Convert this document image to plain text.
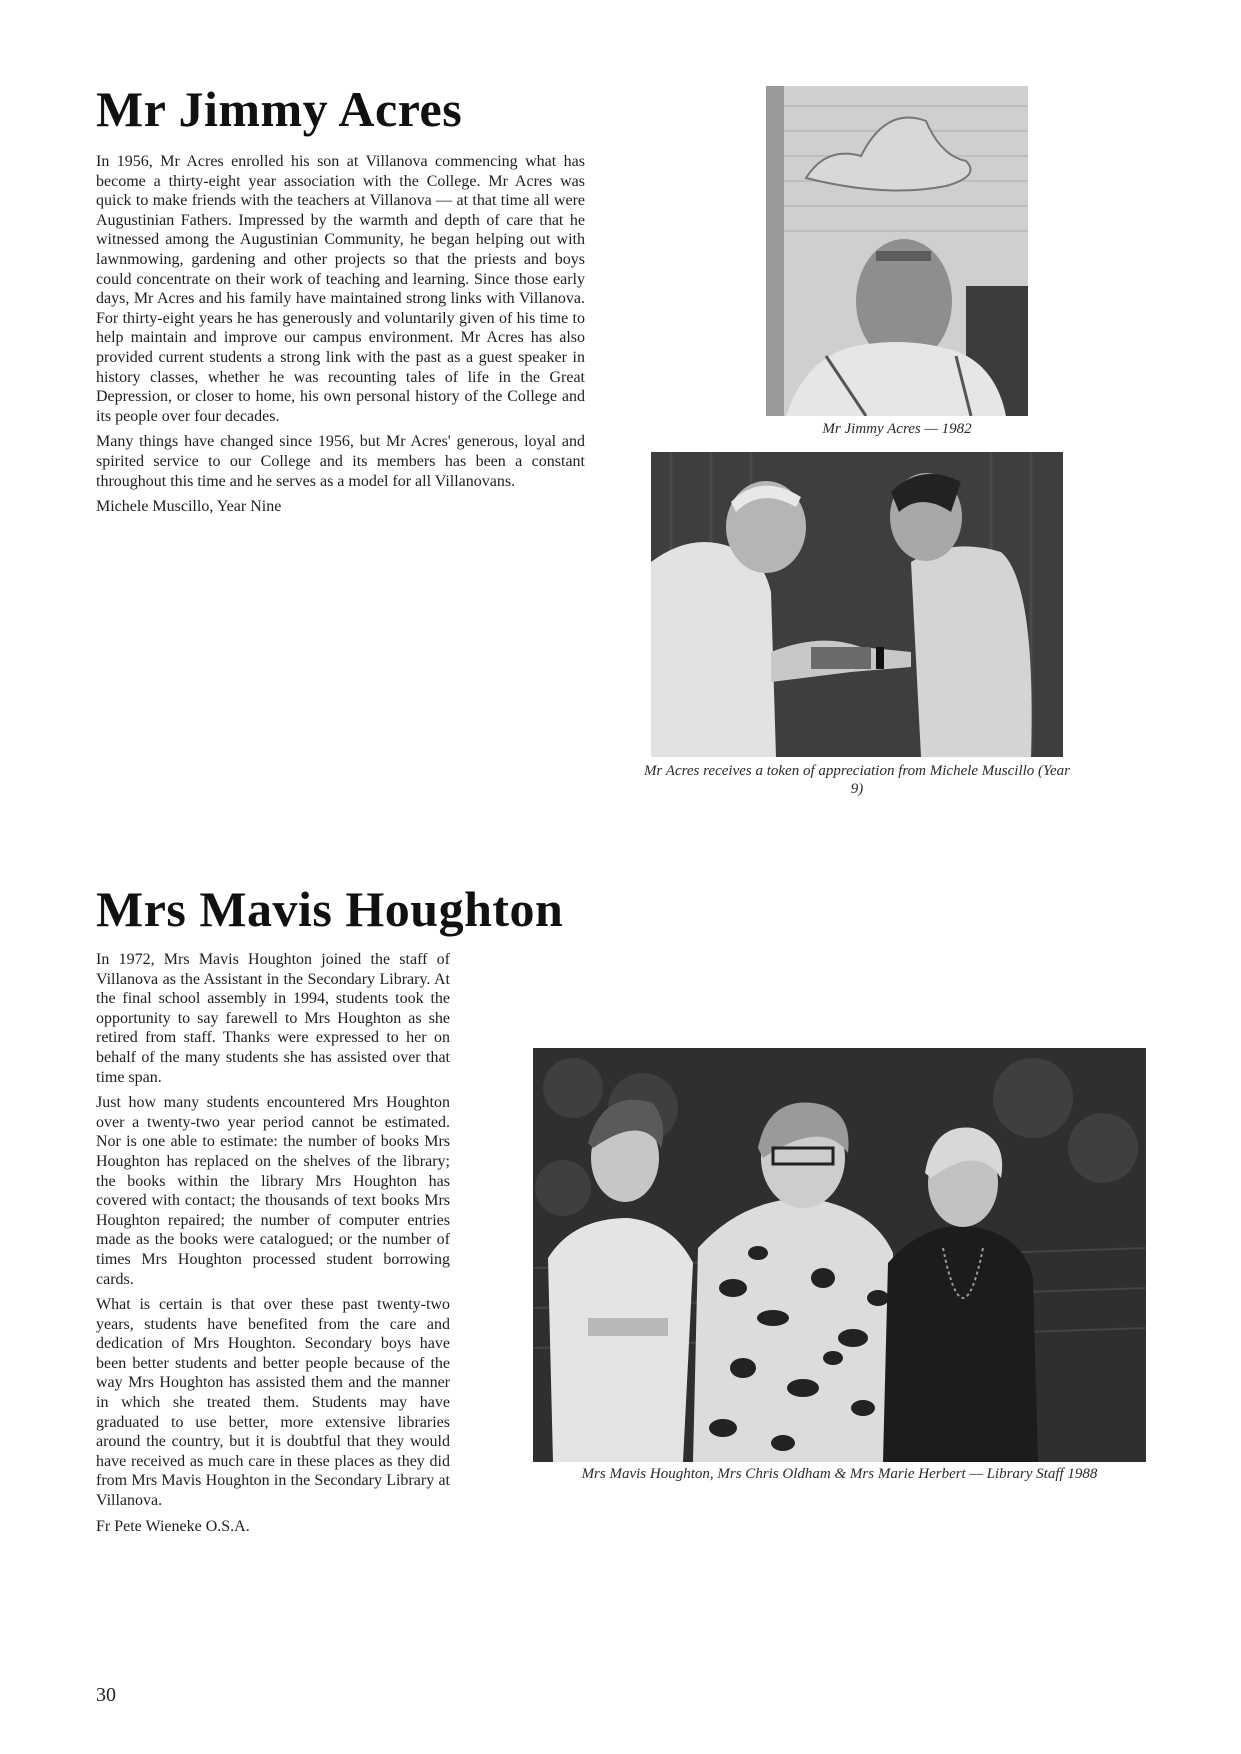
Mr Jimmy Acres

In 1956, Mr Acres enrolled his son at Villanova commencing what has become a thirty-eight year association with the College. Mr Acres was quick to make friends with the teachers at Villanova — at that time all were Augustinian Fathers. Impressed by the warmth and depth of care that he witnessed among the Augustinian Community, he began helping out with lawnmowing, gardening and other projects so that the priests and boys could concentrate on their work of teaching and learning. Since those early days, Mr Acres and his family have maintained strong links with Villanova. For thirty-eight years he has generously and voluntarily given of his time to help maintain and improve our campus environment. Mr Acres has also provided current students a strong link with the past as a guest speaker in history classes, whether he was recounting tales of life in the Great Depression, or closer to home, his own personal history of the College and its people over four decades.

Many things have changed since 1956, but Mr Acres' generous, loyal and spirited service to our College and its members has been a constant throughout this time and he serves as a model for all Villanovans.

Michele Muscillo, Year Nine

Mr Jimmy Acres — 1982
Mr Acres receives a token of appreciation from Michele Muscillo (Year 9)
Mrs Mavis Houghton

In 1972, Mrs Mavis Houghton joined the staff of Villanova as the Assistant in the Secondary Library. At the final school assembly in 1994, students took the opportunity to say farewell to Mrs Houghton as she retired from staff. Thanks were expressed to her on behalf of the many students she has assisted over that time span.

Just how many students encountered Mrs Houghton over a twenty-two year period cannot be estimated. Nor is one able to estimate: the number of books Mrs Houghton has replaced on the shelves of the library; the books within the library Mrs Houghton has covered with contact; the thousands of text books Mrs Houghton repaired; the number of computer entries made as the books were catalogued; or the number of times Mrs Houghton processed student borrowing cards.

What is certain is that over these past twenty-two years, students have benefited from the care and dedication of Mrs Houghton. Secondary boys have been better students and better people because of the way Mrs Houghton has assisted them and the manner in which she treated them. Students may have graduated to use better, more extensive libraries around the country, but it is doubtful that they would have received as much care in these places as they did from Mrs Mavis Houghton in the Secondary Library at Villanova.

Fr Pete Wieneke O.S.A.

Mrs Mavis Houghton, Mrs Chris Oldham & Mrs Marie Herbert — Library Staff 1988
30
